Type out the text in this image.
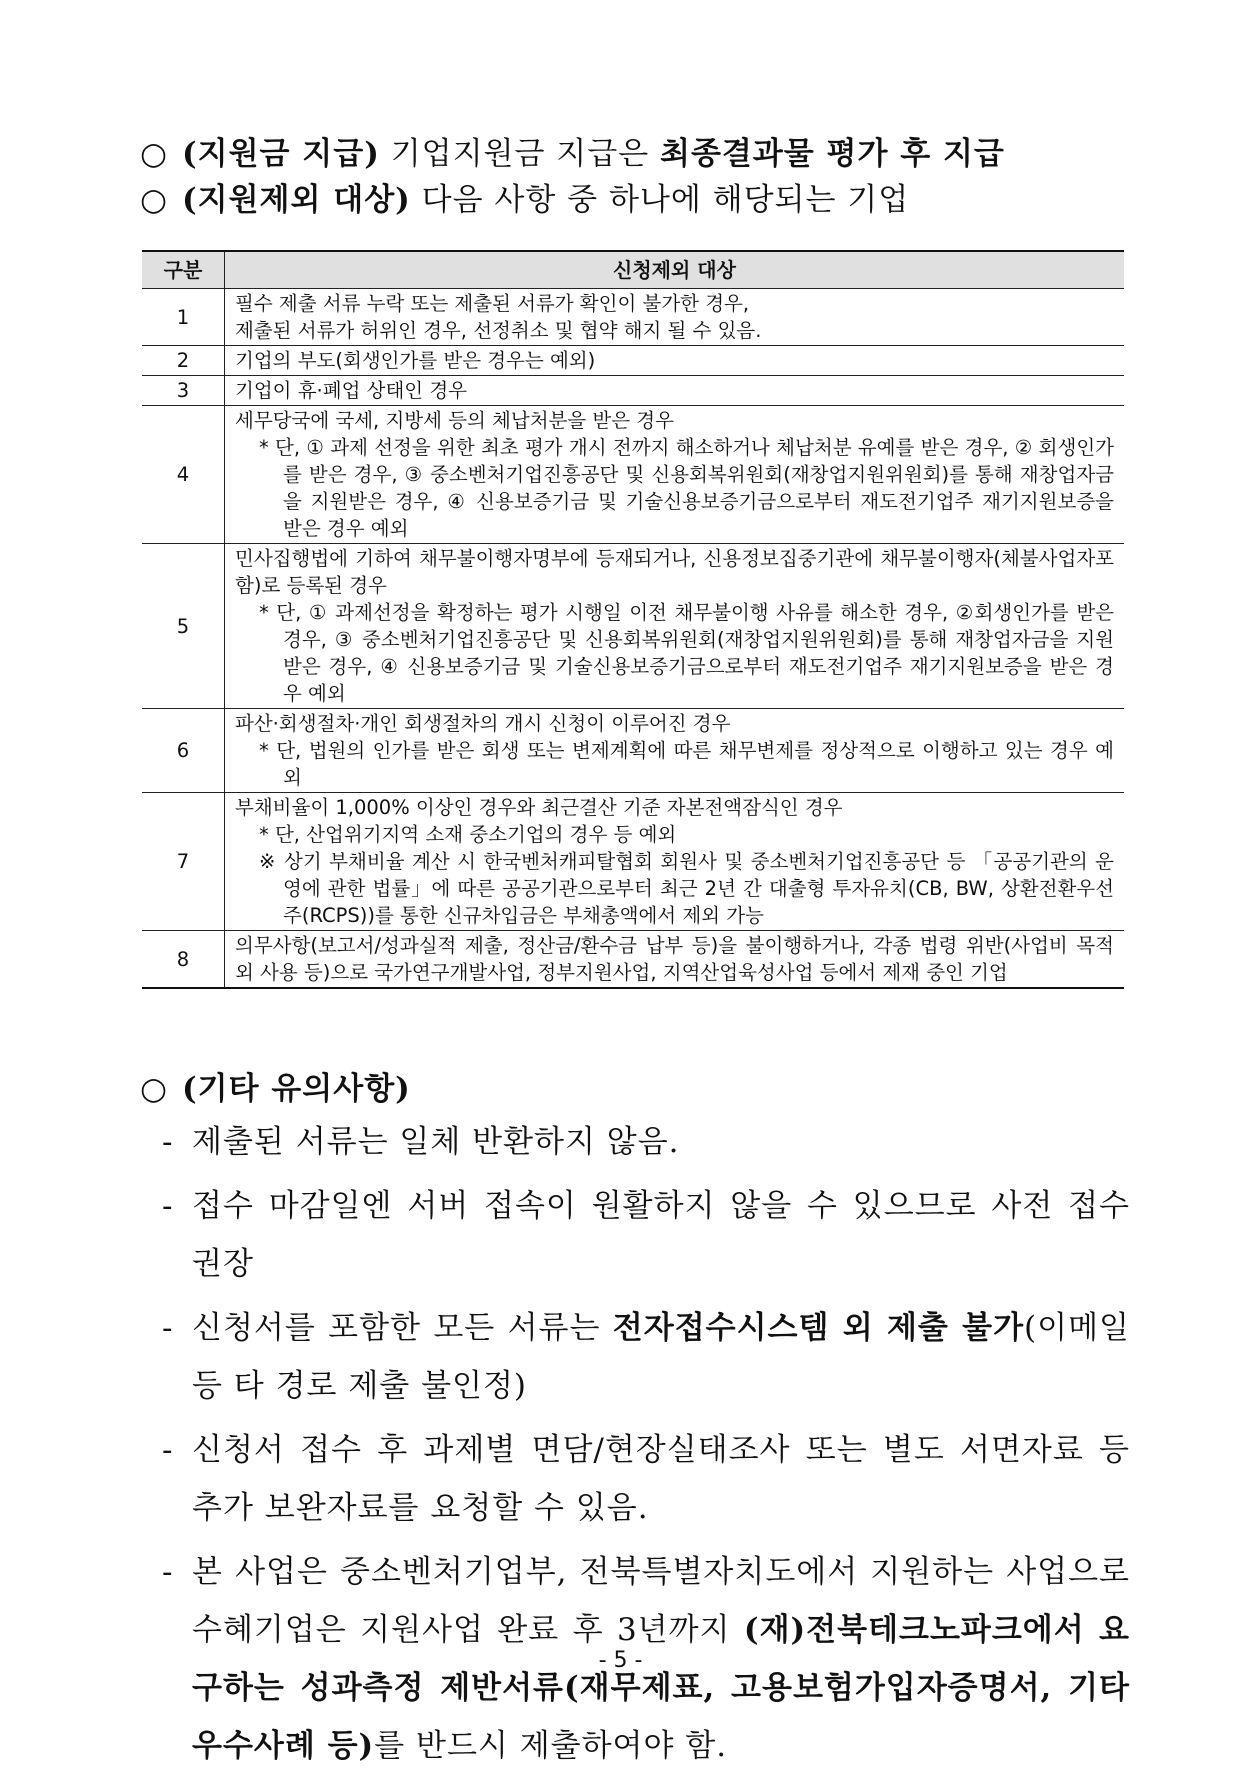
○ (지원금 지급) 기업지원금 지급은 최종결과물 평가 후 지급
○ (지원제외 대상) 다음 사항 중 하나에 해당되는 기업
구분	신청제외 대상
1	필수 제출 서류 누락 또는 제출된 서류가 확인이 불가한 경우,
제출된 서류가 허위인 경우, 선정취소 및 협약 해지 될 수 있음.
2	기업의 부도(회생인가를 받은 경우는 예외)
3	기업이 휴·폐업 상태인 경우
4	세무당국에 국세, 지방세 등의 체납처분을 받은 경우
* 단, ① 과제 선정을 위한 최초 평가 개시 전까지 해소하거나 체납처분 유예를 받은 경우, ② 회생인가를 받은 경우, ③ 중소벤처기업진흥공단 및 신용회복위원회(재창업지원위원회)를 통해 재창업자금을 지원받은 경우, ④ 신용보증기금 및 기술신용보증기금으로부터 재도전기업주 재기지원보증을 받은 경우 예외

5	민사집행법에 기하여 채무불이행자명부에 등재되거나, 신용정보집중기관에 채무불이행자(체불사업자포함)로 등록된 경우
* 단, ① 과제선정을 확정하는 평가 시행일 이전 채무불이행 사유를 해소한 경우, ②회생인가를 받은 경우, ③ 중소벤처기업진흥공단 및 신용회복위원회(재창업지원위원회)를 통해 재창업자금을 지원받은 경우, ④ 신용보증기금 및 기술신용보증기금으로부터 재도전기업주 재기지원보증을 받은 경우 예외

6	파산·회생절차·개인 회생절차의 개시 신청이 이루어진 경우
* 단, 법원의 인가를 받은 회생 또는 변제계획에 따른 채무변제를 정상적으로 이행하고 있는 경우 예외

7	부채비율이 1,000% 이상인 경우와 최근결산 기준 자본전액잠식인 경우
* 단, 산업위기지역 소재 중소기업의 경우 등 예외
※ 상기 부채비율 계산 시 한국벤처캐피탈협회 회원사 및 중소벤처기업진흥공단 등 「공공기관의 운영에 관한 법률」에 따른 공공기관으로부터 최근 2년 간 대출형 투자유치(CB, BW, 상환전환우선주(RCPS))를 통한 신규차입금은 부채총액에서 제외 가능

8	의무사항(보고서/성과실적 제출, 정산금/환수금 납부 등)을 불이행하거나, 각종 법령 위반(사업비 목적 외 사용 등)으로 국가연구개발사업, 정부지원사업, 지역산업육성사업 등에서 제재 중인 기업
○ (기타 유의사항)
- 제출된 서류는 일체 반환하지 않음.
- 접수 마감일엔 서버 접속이 원활하지 않을 수 있으므로 사전 접수 권장
- 신청서를 포함한 모든 서류는 전자접수시스템 외 제출 불가(이메일 등 타 경로 제출 불인정)
- 신청서 접수 후 과제별 면담/현장실태조사 또는 별도 서면자료 등 추가 보완자료를 요청할 수 있음.
- 본 사업은 중소벤처기업부, 전북특별자치도에서 지원하는 사업으로 수혜기업은 지원사업 완료 후 3년까지 (재)전북테크노파크에서 요구하는 성과측정 제반서류(재무제표, 고용보험가입자증명서, 기타 우수사례 등)를 반드시 제출하여야 함.
- 5 -
